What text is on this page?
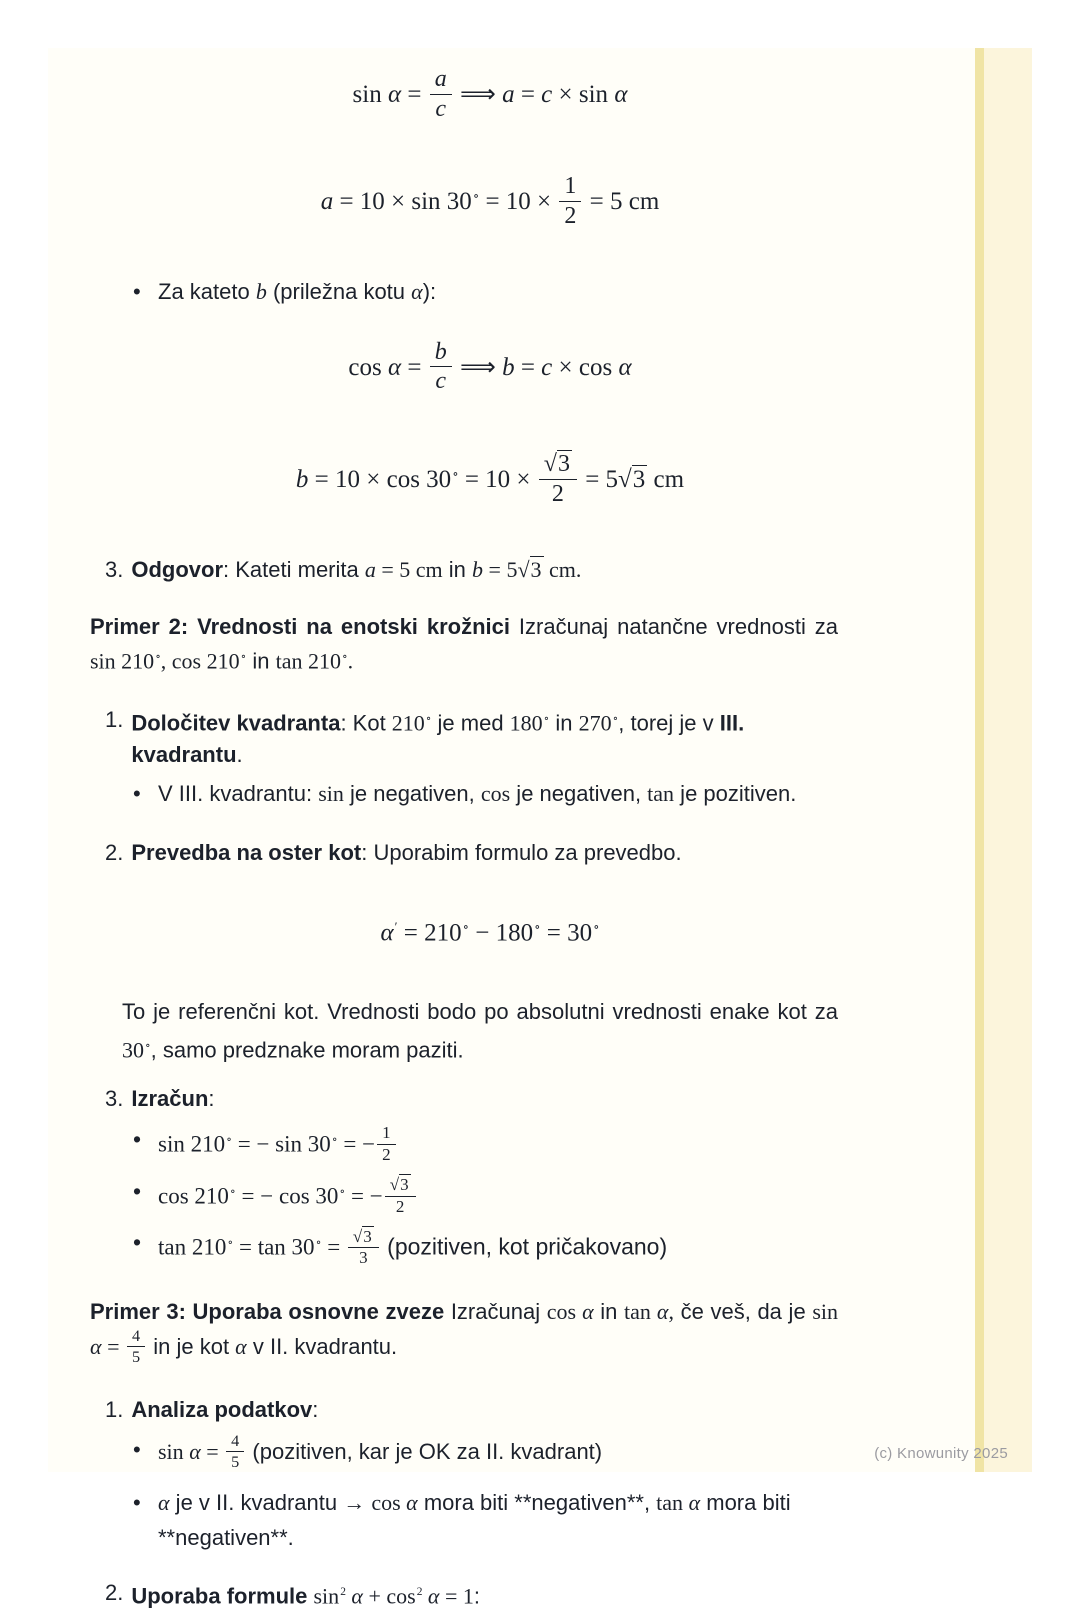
$\sin \alpha = \frac{a}{c}$ ⟹ a = c × sin α
$a = 10 \times \sin 30^\circ = 10 \times \frac{1}{2} = 5$ cm
• Za kateto b (priležna kotu α):
$\cos \alpha = \frac{b}{c}$ ⟹ b = c × cos α
$b = 10 \times \cos 30^\circ = 10 \times \frac{√3}{2} = 5√3$ cm
3. Odgovor: Kateti merita a = 5 cm in b = 5√3 cm.
Primer 2: Vrednosti na enotski krožnici Izračunaj natančne vrednosti za sin 210∘, cos 210∘ in tan 210∘.
1. Določitev kvadranta: Kot 210∘ je med 180∘ in 270∘, torej je v III. kvadrantu.
• V III. kvadrantu: sin je negativen, cos je negativen, tan je pozitiven.
2. Prevedba na oster kot: Uporabim formulo za prevedbo.
α′ = 210∘ − 180∘ = 30∘
To je referenčni kot. Vrednosti bodo po absolutni vrednosti enake kot za 30∘, samo predznake moram paziti.
3. Izračun:
• sin 210∘ = − sin 30∘ = − $\frac{1}{2}$
• cos 210∘ = − cos 30∘ = − $\frac{√3}{2}$
• $\tan 210^\circ = \tan 30^\circ = \frac{√3}{3}$ (pozitiven, kot pričakovano)
Primer 3: Uporaba osnovne zveze Izračunaj cos α in tan α, če veš, da je $\sin \alpha = \frac{4}{5}$ in je kot α v II. kvadrantu.
1. Analiza podatkov:
• $\sin \alpha = \frac{4}{5}$ (pozitiven, kar je OK za II. kvadrant)
• α je v II. kvadrantu → cos α mora biti **negativen**, tan α mora biti **negativen**.
2. Uporaba formule $\sin^2 \alpha + \cos^2 \alpha = 1$:
(c) Knowunity 2025
